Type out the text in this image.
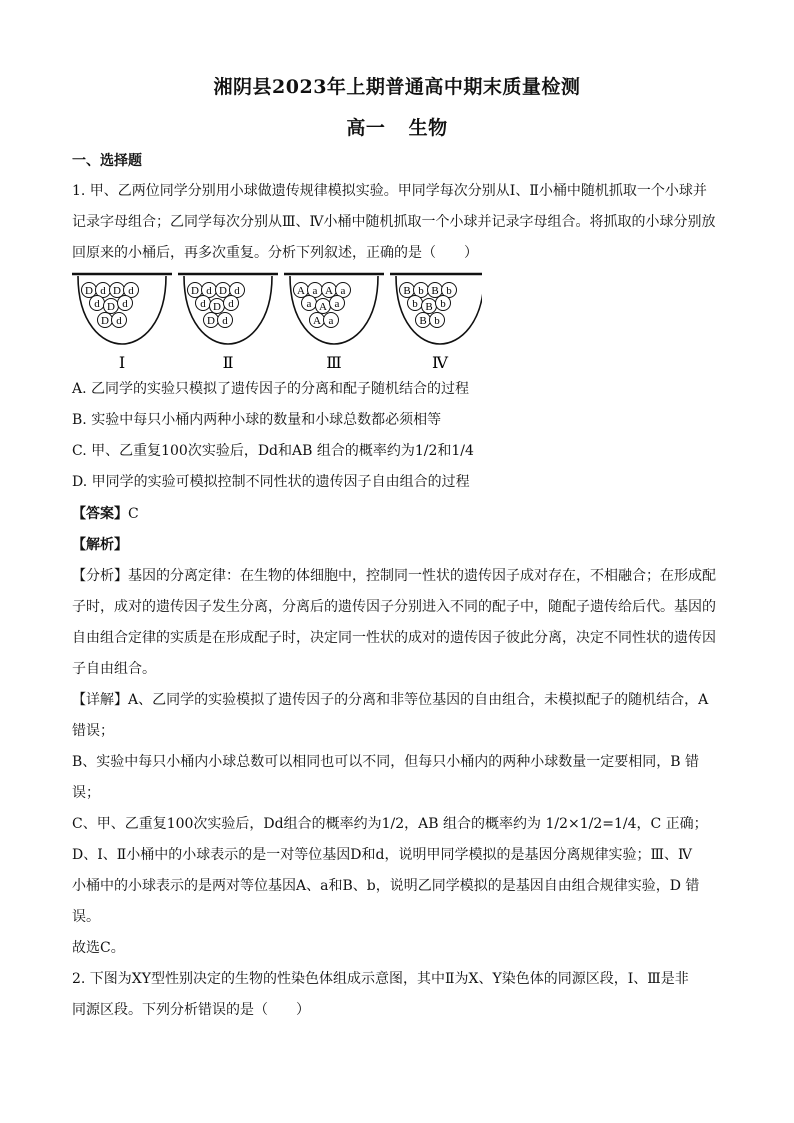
湘阴县2023年上期普通高中期末质量检测
高一 生物
一、选择题
1. 甲、乙两位同学分别用小球做遗传规律模拟实验。甲同学每次分别从Ⅰ、Ⅱ小桶中随机抓取一个小球并
记录字母组合；乙同学每次分别从Ⅲ、Ⅳ小桶中随机抓取一个小球并记录字母组合。将抓取的小球分别放
回原来的小桶后，再多次重复。分析下列叙述，正确的是（　　）
D d D d
d D d
D d
Ⅰ
D d D d
d D d
D d
Ⅱ
A a A a
a A a
A a
Ⅲ
B b B b
b B b
B b
Ⅳ
A. 乙同学的实验只模拟了遗传因子的分离和配子随机结合的过程
B. 实验中每只小桶内两种小球的数量和小球总数都必须相等
C. 甲、乙重复100次实验后，Dd和AB 组合的概率约为1/2和1/4
D. 甲同学的实验可模拟控制不同性状的遗传因子自由组合的过程
【答案】C
【解析】
【分析】基因的分离定律：在生物的体细胞中，控制同一性状的遗传因子成对存在，不相融合；在形成配
子时，成对的遗传因子发生分离，分离后的遗传因子分别进入不同的配子中，随配子遗传给后代。基因的
自由组合定律的实质是在形成配子时，决定同一性状的成对的遗传因子彼此分离，决定不同性状的遗传因
子自由组合。
【详解】A、乙同学的实验模拟了遗传因子的分离和非等位基因的自由组合，未模拟配子的随机结合，A
错误；
B、实验中每只小桶内小球总数可以相同也可以不同，但每只小桶内的两种小球数量一定要相同，B 错
误；
C、甲、乙重复100次实验后，Dd组合的概率约为1/2，AB 组合的概率约为 1/2×1/2=1/4，C 正确；
D、Ⅰ、Ⅱ小桶中的小球表示的是一对等位基因D和d，说明甲同学模拟的是基因分离规律实验；Ⅲ、Ⅳ
小桶中的小球表示的是两对等位基因A、a和B、b，说明乙同学模拟的是基因自由组合规律实验，D 错
误。
故选C。
2. 下图为XY型性别决定的生物的性染色体组成示意图，其中Ⅱ为X、Y染色体的同源区段，Ⅰ、Ⅲ是非
同源区段。下列分析错误的是（　　）
